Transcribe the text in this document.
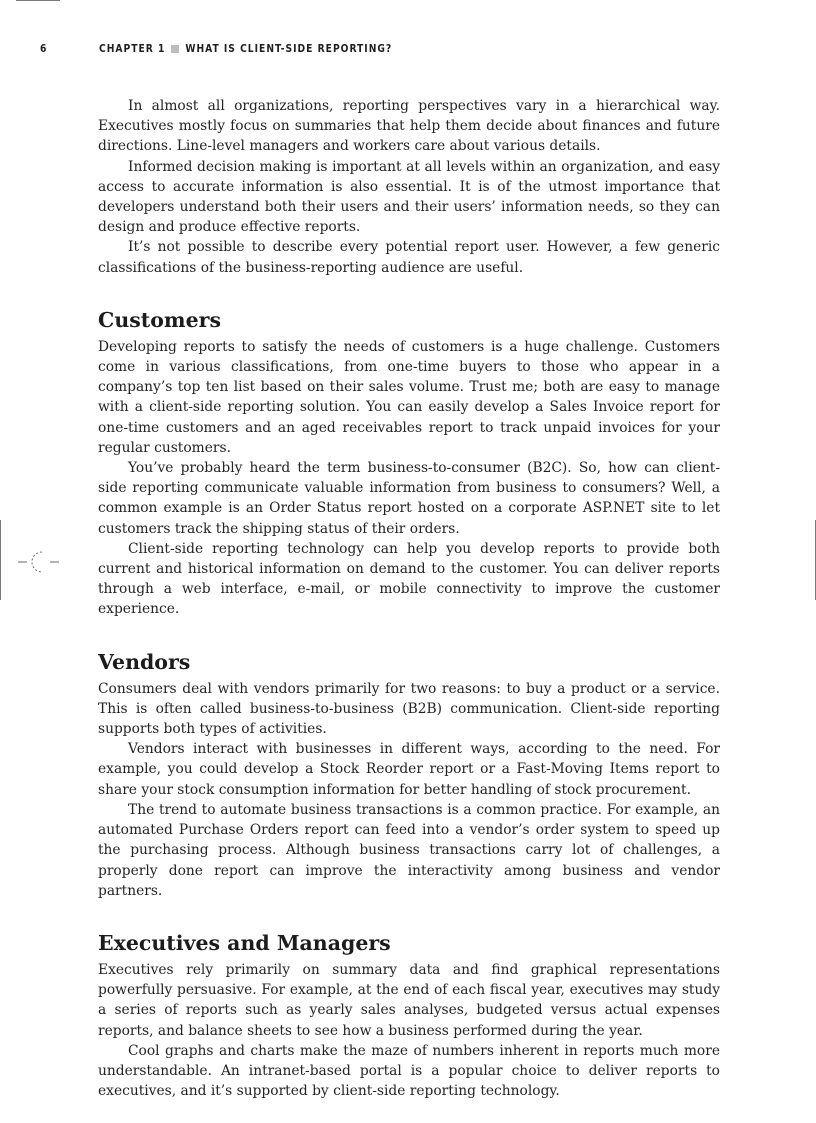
6	CHAPTER 1 WHAT IS CLIENT-SIDE REPORTING?

In almost all organizations, reporting perspectives vary in a hierarchical way. Executives mostly focus on summaries that help them decide about finances and future directions. Line-level managers and workers care about various details.

Informed decision making is important at all levels within an organization, and easy access to accurate information is also essential. It is of the utmost importance that developers understand both their users and their users’ information needs, so they can design and produce effective reports.

It’s not possible to describe every potential report user. However, a few generic classifications of the business-reporting audience are useful.

Customers

Developing reports to satisfy the needs of customers is a huge challenge. Customers come in various classifications, from one-time buyers to those who appear in a company’s top ten list based on their sales volume. Trust me; both are easy to manage with a client-side reporting solution. You can easily develop a Sales Invoice report for one-time customers and an aged receivables report to track unpaid invoices for your regular customers.

You’ve probably heard the term business-to-consumer (B2C). So, how can client-side reporting communicate valuable information from business to consumers? Well, a common example is an Order Status report hosted on a corporate ASP.NET site to let customers track the shipping status of their orders.

Client-side reporting technology can help you develop reports to provide both current and historical information on demand to the customer. You can deliver reports through a web interface, e-mail, or mobile connectivity to improve the customer experience.

Vendors

Consumers deal with vendors primarily for two reasons: to buy a product or a service. This is often called business-to-business (B2B) communication. Client-side reporting supports both types of activities.

Vendors interact with businesses in different ways, according to the need. For example, you could develop a Stock Reorder report or a Fast-Moving Items report to share your stock consumption information for better handling of stock procurement.

The trend to automate business transactions is a common practice. For example, an automated Purchase Orders report can feed into a vendor’s order system to speed up the purchasing process. Although business transactions carry lot of challenges, a properly done report can improve the interactivity among business and vendor partners.

Executives and Managers

Executives rely primarily on summary data and find graphical representations powerfully persuasive. For example, at the end of each fiscal year, executives may study a series of reports such as yearly sales analyses, budgeted versus actual expenses reports, and balance sheets to see how a business performed during the year.

Cool graphs and charts make the maze of numbers inherent in reports much more understandable. An intranet-based portal is a popular choice to deliver reports to executives, and it’s supported by client-side reporting technology.
